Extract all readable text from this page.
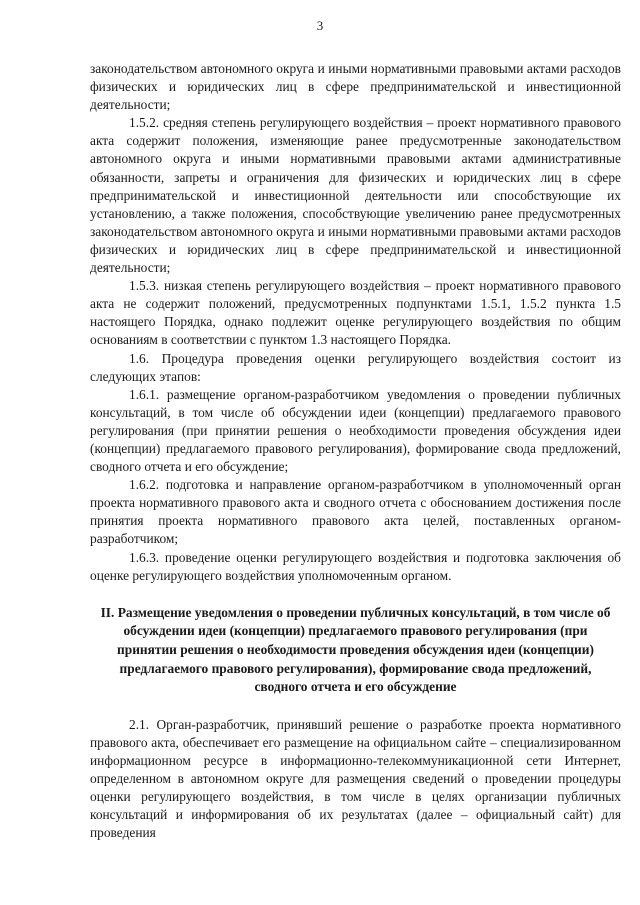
3

законодательством автономного округа и иными нормативными правовыми актами расходов физических и юридических лиц в сфере предпринимательской и инвестиционной деятельности;

1.5.2. средняя степень регулирующего воздействия – проект нормативного правового акта содержит положения, изменяющие ранее предусмотренные законодательством автономного округа и иными нормативными правовыми актами административные обязанности, запреты и ограничения для физических и юридических лиц в сфере предпринимательской и инвестиционной деятельности или способствующие их установлению, а также положения, способствующие увеличению ранее предусмотренных законодательством автономного округа и иными нормативными правовыми актами расходов физических и юридических лиц в сфере предпринимательской и инвестиционной деятельности;

1.5.3. низкая степень регулирующего воздействия – проект нормативного правового акта не содержит положений, предусмотренных подпунктами 1.5.1, 1.5.2 пункта 1.5 настоящего Порядка, однако подлежит оценке регулирующего воздействия по общим основаниям в соответствии с пунктом 1.3 настоящего Порядка.

1.6. Процедура проведения оценки регулирующего воздействия состоит из следующих этапов:

1.6.1. размещение органом-разработчиком уведомления о проведении публичных консультаций, в том числе об обсуждении идеи (концепции) предлагаемого правового регулирования (при принятии решения о необходимости проведения обсуждения идеи (концепции) предлагаемого правового регулирования), формирование свода предложений, сводного отчета и его обсуждение;

1.6.2. подготовка и направление органом-разработчиком в уполномоченный орган проекта нормативного правового акта и сводного отчета с обоснованием достижения после принятия проекта нормативного правового акта целей, поставленных органом-разработчиком;

1.6.3. проведение оценки регулирующего воздействия и подготовка заключения об оценке регулирующего воздействия уполномоченным органом.

II. Размещение уведомления о проведении публичных консультаций, в том числе об обсуждении идеи (концепции) предлагаемого правового регулирования (при принятии решения о необходимости проведения обсуждения идеи (концепции) предлагаемого правового регулирования), формирование свода предложений, сводного отчета и его обсуждение

2.1. Орган-разработчик, принявший решение о разработке проекта нормативного правового акта, обеспечивает его размещение на официальном сайте – специализированном информационном ресурсе в информационно-телекоммуникационной сети Интернет, определенном в автономном округе для размещения сведений о проведении процедуры оценки регулирующего воздействия, в том числе в целях организации публичных консультаций и информирования об их результатах (далее – официальный сайт) для проведения
